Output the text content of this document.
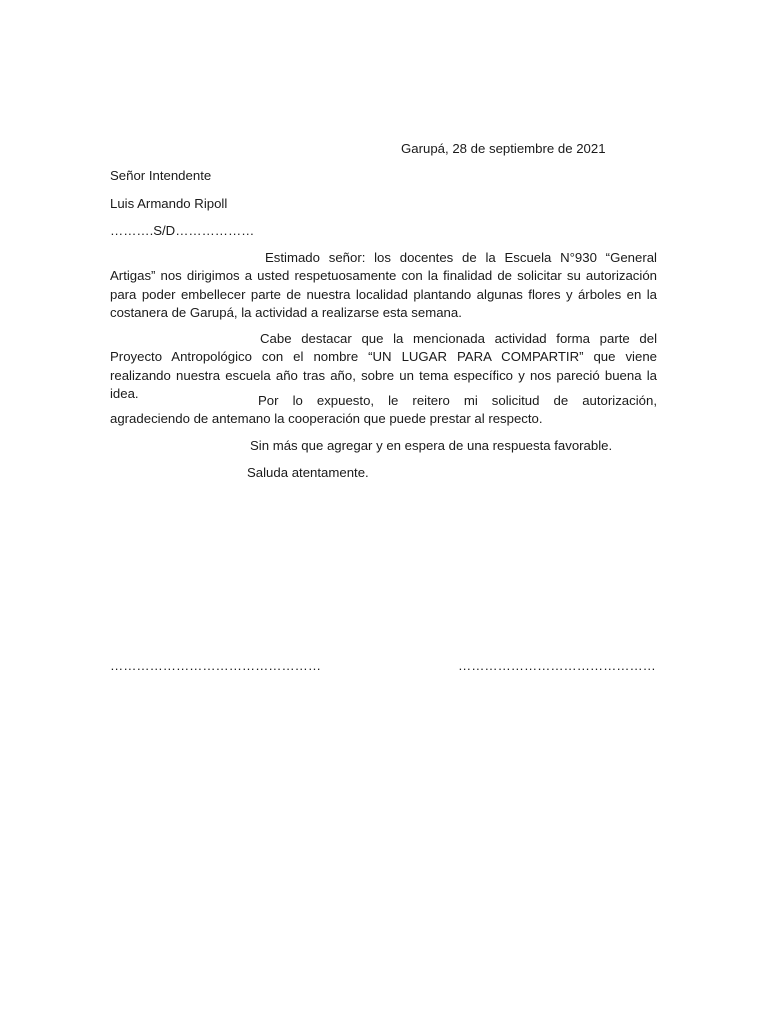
Garupá, 28 de septiembre de 2021
Señor Intendente
Luis Armando Ripoll
……….S/D………………
Estimado señor: los docentes de la Escuela N°930 “General Artigas” nos dirigimos a usted respetuosamente con la finalidad de solicitar su autorización para poder embellecer parte de nuestra localidad plantando algunas flores y árboles en la costanera de Garupá, la actividad a realizarse esta semana.
Cabe destacar que la mencionada actividad forma parte del Proyecto Antropológico con el nombre “UN LUGAR PARA COMPARTIR” que viene realizando nuestra escuela año tras año, sobre un tema específico y nos pareció buena la idea.	Por lo expuesto, le reitero mi solicitud de autorización, agradeciendo de antemano la cooperación que puede prestar al respecto.
Sin más que agregar y en espera de una respuesta favorable.
Saluda atentamente.
…………………………………………	………………………………………
